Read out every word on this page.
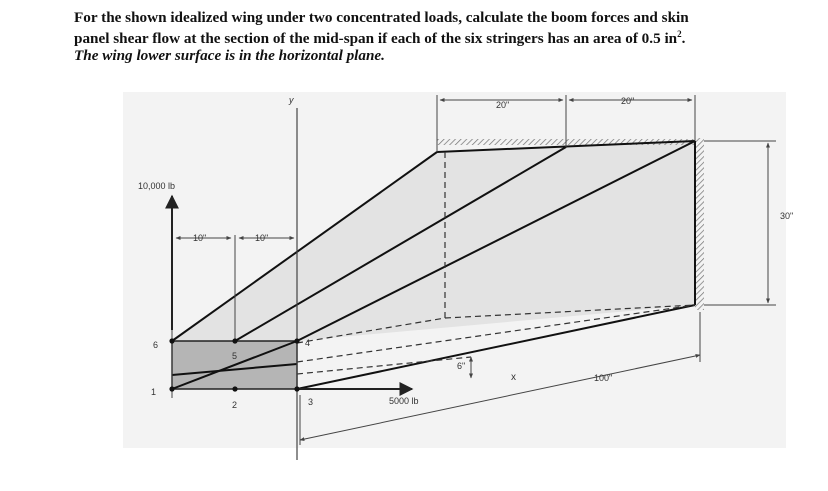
For the shown idealized wing under two concentrated loads, calculate the boom forces and skin
panel shear flow at the section of the mid-span if each of the six stringers has an area of 0.5 $in^2$.
The wing lower surface is in the horizontal plane.
10,000 lb
5000 lb
y
x
10"	10"
20"	20"
30"
6"
100"
1
2	3
4
5
6
